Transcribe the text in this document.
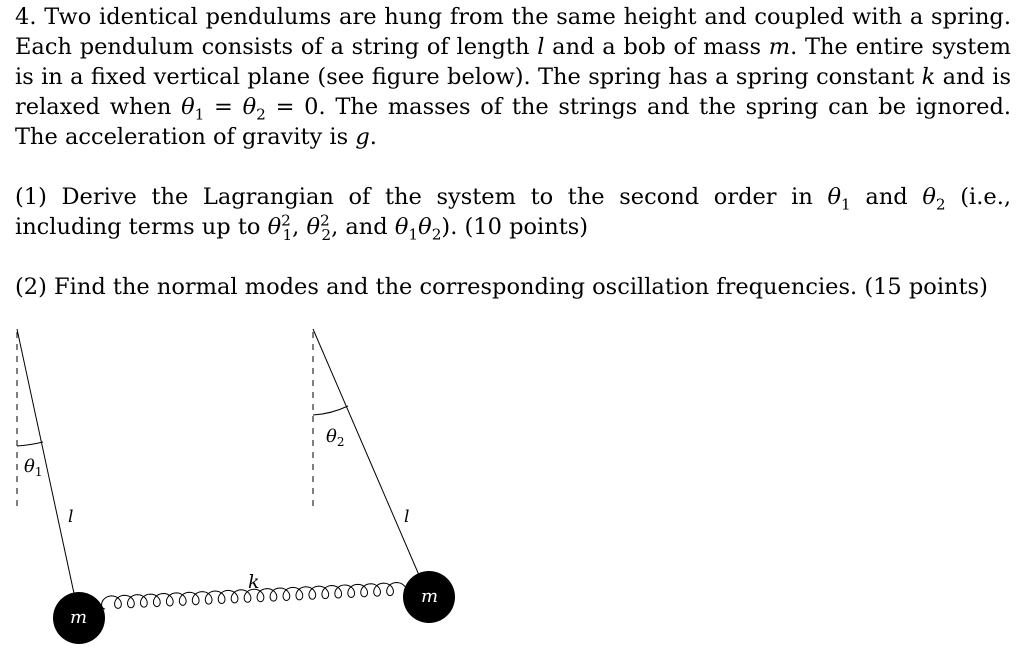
4. Two identical pendulums are hung from the same height and coupled with a spring. Each pendulum consists of a string of length l and a bob of mass m. The entire system is in a fixed vertical plane (see figure below). The spring has a spring constant k and is relaxed when $\theta_1 = \theta_2 = 0$. The masses of the strings and the spring can be ignored. The acceleration of gravity is g.

(1) Derive the Lagrangian of the system to the second order in $\theta_1$ and $\theta_2$ (i.e., including terms up to $\theta^2_1$, $\theta^2_2$, and $\theta_1\theta_2$). (10 points)

(2) Find the normal modes and the corresponding oscillation frequencies. (15 points)

$\theta_1$
$\theta_2$
l	l
k
m
m
